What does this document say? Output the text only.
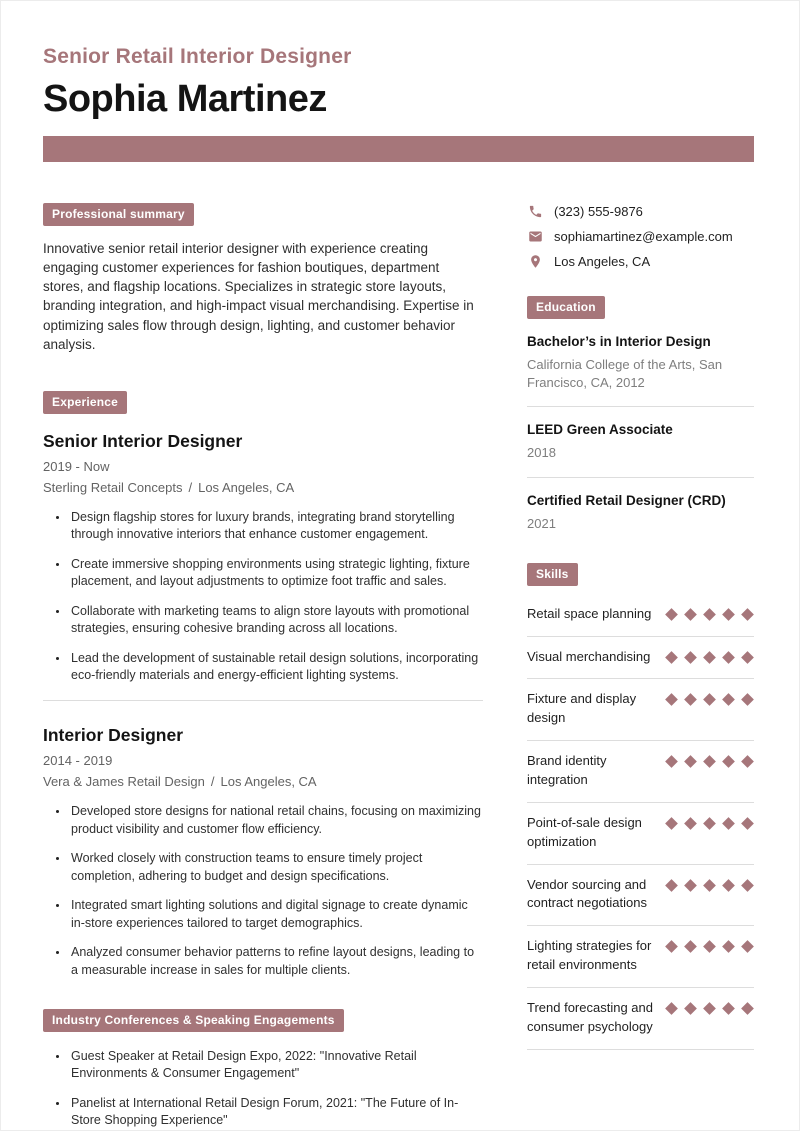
Senior Retail Interior Designer
Sophia Martinez
Professional summary

Innovative senior retail interior designer with experience creating engaging customer experiences for fashion boutiques, department stores, and flagship locations. Specializes in strategic store layouts, branding integration, and high-impact visual merchandising. Expertise in optimizing sales flow through design, lighting, and customer behavior analysis.

Experience
Senior Interior Designer
2019 - Now
Sterling Retail Concepts / Los Angeles, CA
• Design flagship stores for luxury brands, integrating brand storytelling through innovative interiors that enhance customer engagement.
• Create immersive shopping environments using strategic lighting, fixture placement, and layout adjustments to optimize foot traffic and sales.
• Collaborate with marketing teams to align store layouts with promotional strategies, ensuring cohesive branding across all locations.
• Lead the development of sustainable retail design solutions, incorporating eco-friendly materials and energy-efficient lighting systems.
Interior Designer
2014 - 2019
Vera & James Retail Design / Los Angeles, CA
• Developed store designs for national retail chains, focusing on maximizing product visibility and customer flow efficiency.
• Worked closely with construction teams to ensure timely project completion, adhering to budget and design specifications.
• Integrated smart lighting solutions and digital signage to create dynamic in-store experiences tailored to target demographics.
• Analyzed consumer behavior patterns to refine layout designs, leading to a measurable increase in sales for multiple clients.
Industry Conferences & Speaking Engagements
• Guest Speaker at Retail Design Expo, 2022: "Innovative Retail Environments & Consumer Engagement"
• Panelist at International Retail Design Forum, 2021: "The Future of In-Store Shopping Experience"
(323) 555-9876
sophiamartinez@example.com
Los Angeles, CA
Education
Bachelor’s in Interior Design
California College of the Arts, San Francisco, CA, 2012
LEED Green Associate
2018
Certified Retail Designer (CRD)
2021
Skills
Retail space planning
Visual merchandising
Fixture and display design
Brand identity integration
Point-of-sale design optimization
Vendor sourcing and contract negotiations
Lighting strategies for retail environments
Trend forecasting and consumer psychology
